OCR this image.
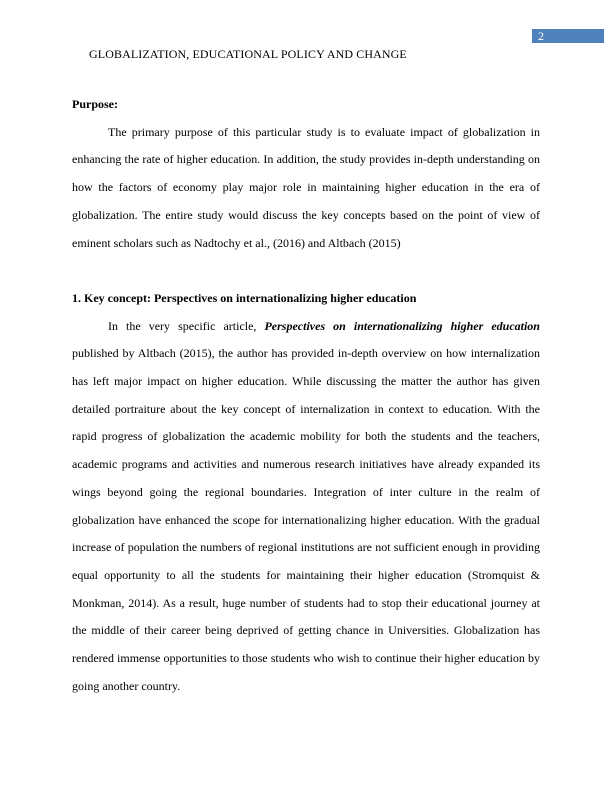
2
GLOBALIZATION, EDUCATIONAL POLICY AND CHANGE

Purpose:

The primary purpose of this particular study is to evaluate impact of globalization in enhancing the rate of higher education. In addition, the study provides in-depth understanding on how the factors of economy play major role in maintaining higher education in the era of globalization. The entire study would discuss the key concepts based on the point of view of eminent scholars such as Nadtochy et al., (2016) and Altbach (2015)

1. Key concept: Perspectives on internationalizing higher education

In the very specific article, Perspectives on internationalizing higher education published by Altbach (2015), the author has provided in-depth overview on how internalization has left major impact on higher education. While discussing the matter the author has given detailed portraiture about the key concept of internalization in context to education. With the rapid progress of globalization the academic mobility for both the students and the teachers, academic programs and activities and numerous research initiatives have already expanded its wings beyond going the regional boundaries. Integration of inter culture in the realm of globalization have enhanced the scope for internationalizing higher education. With the gradual increase of population the numbers of regional institutions are not sufficient enough in providing equal opportunity to all the students for maintaining their higher education (Stromquist & Monkman, 2014). As a result, huge number of students had to stop their educational journey at the middle of their career being deprived of getting chance in Universities. Globalization has rendered immense opportunities to those students who wish to continue their higher education by going another country.
